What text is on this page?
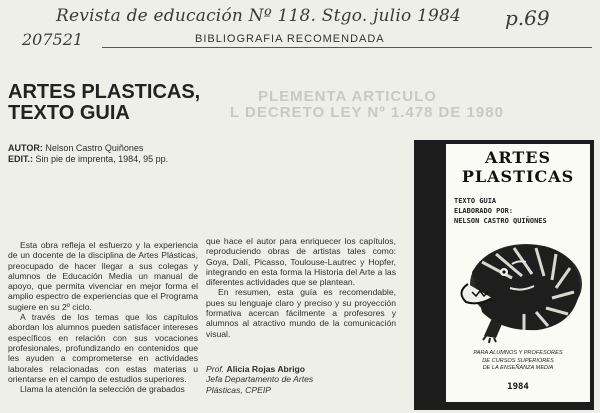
Revista de educación Nº 118. Stgo. julio 1984 p.69
207521	BIBLIOGRAFIA RECOMENDADA
PLEMENTA ARTICULO
L DECRETO LEY Nº 1.478 DE 1980
ARTES PLASTICAS,
TEXTO GUIA
AUTOR: Nelson Castro Quiñones
EDIT.: Sin pie de imprenta, 1984, 95 pp.

Esta obra refleja el esfuerzo y la experiencia de un docente de la disciplina de Artes Plásticas, preocupado de hacer llegar a sus colegas y alumnos de Educación Media un manual de apoyo, que permita vivenciar en mejor forma el amplio espectro de experiencias que el Programa sugiere en su 2º ciclo.

A través de los temas que los capítulos abordan los alumnos pueden satisfacer intereses específicos en relación con sus vocaciones profesionales, profundizando en contenidos que les ayuden a comprometerse en actividades laborales relacionadas con estas materias u orientarse en el campo de estudios superiores.

Llama la atención la selección de grabados

que hace el autor para enriquecer los capítulos, reproduciendo obras de artistas tales como: Goya, Dalí, Picasso, Toulouse-Lautrec y Hopfer, integrando en esta forma la Historia del Arte a las diferentes actividades que se plantean.

En resumen, esta guía es recomendable, pues su lenguaje claro y preciso y su proyección formativa acercan fácilmente a profesores y alumnos al atractivo mundo de la comunicación visual.

Prof. Alicia Rojas Abrigo
Jefa Departamento de Artes
Plásticas, CPEIP
ARTES
PLASTICAS
TEXTO GUIA
ELABORADO POR:
NELSON CASTRO QUIÑONES
PARA ALUMNOS Y PROFESORES
DE CURSOS SUPERIORES
DE LA ENSEÑANZA MEDIA
1984
